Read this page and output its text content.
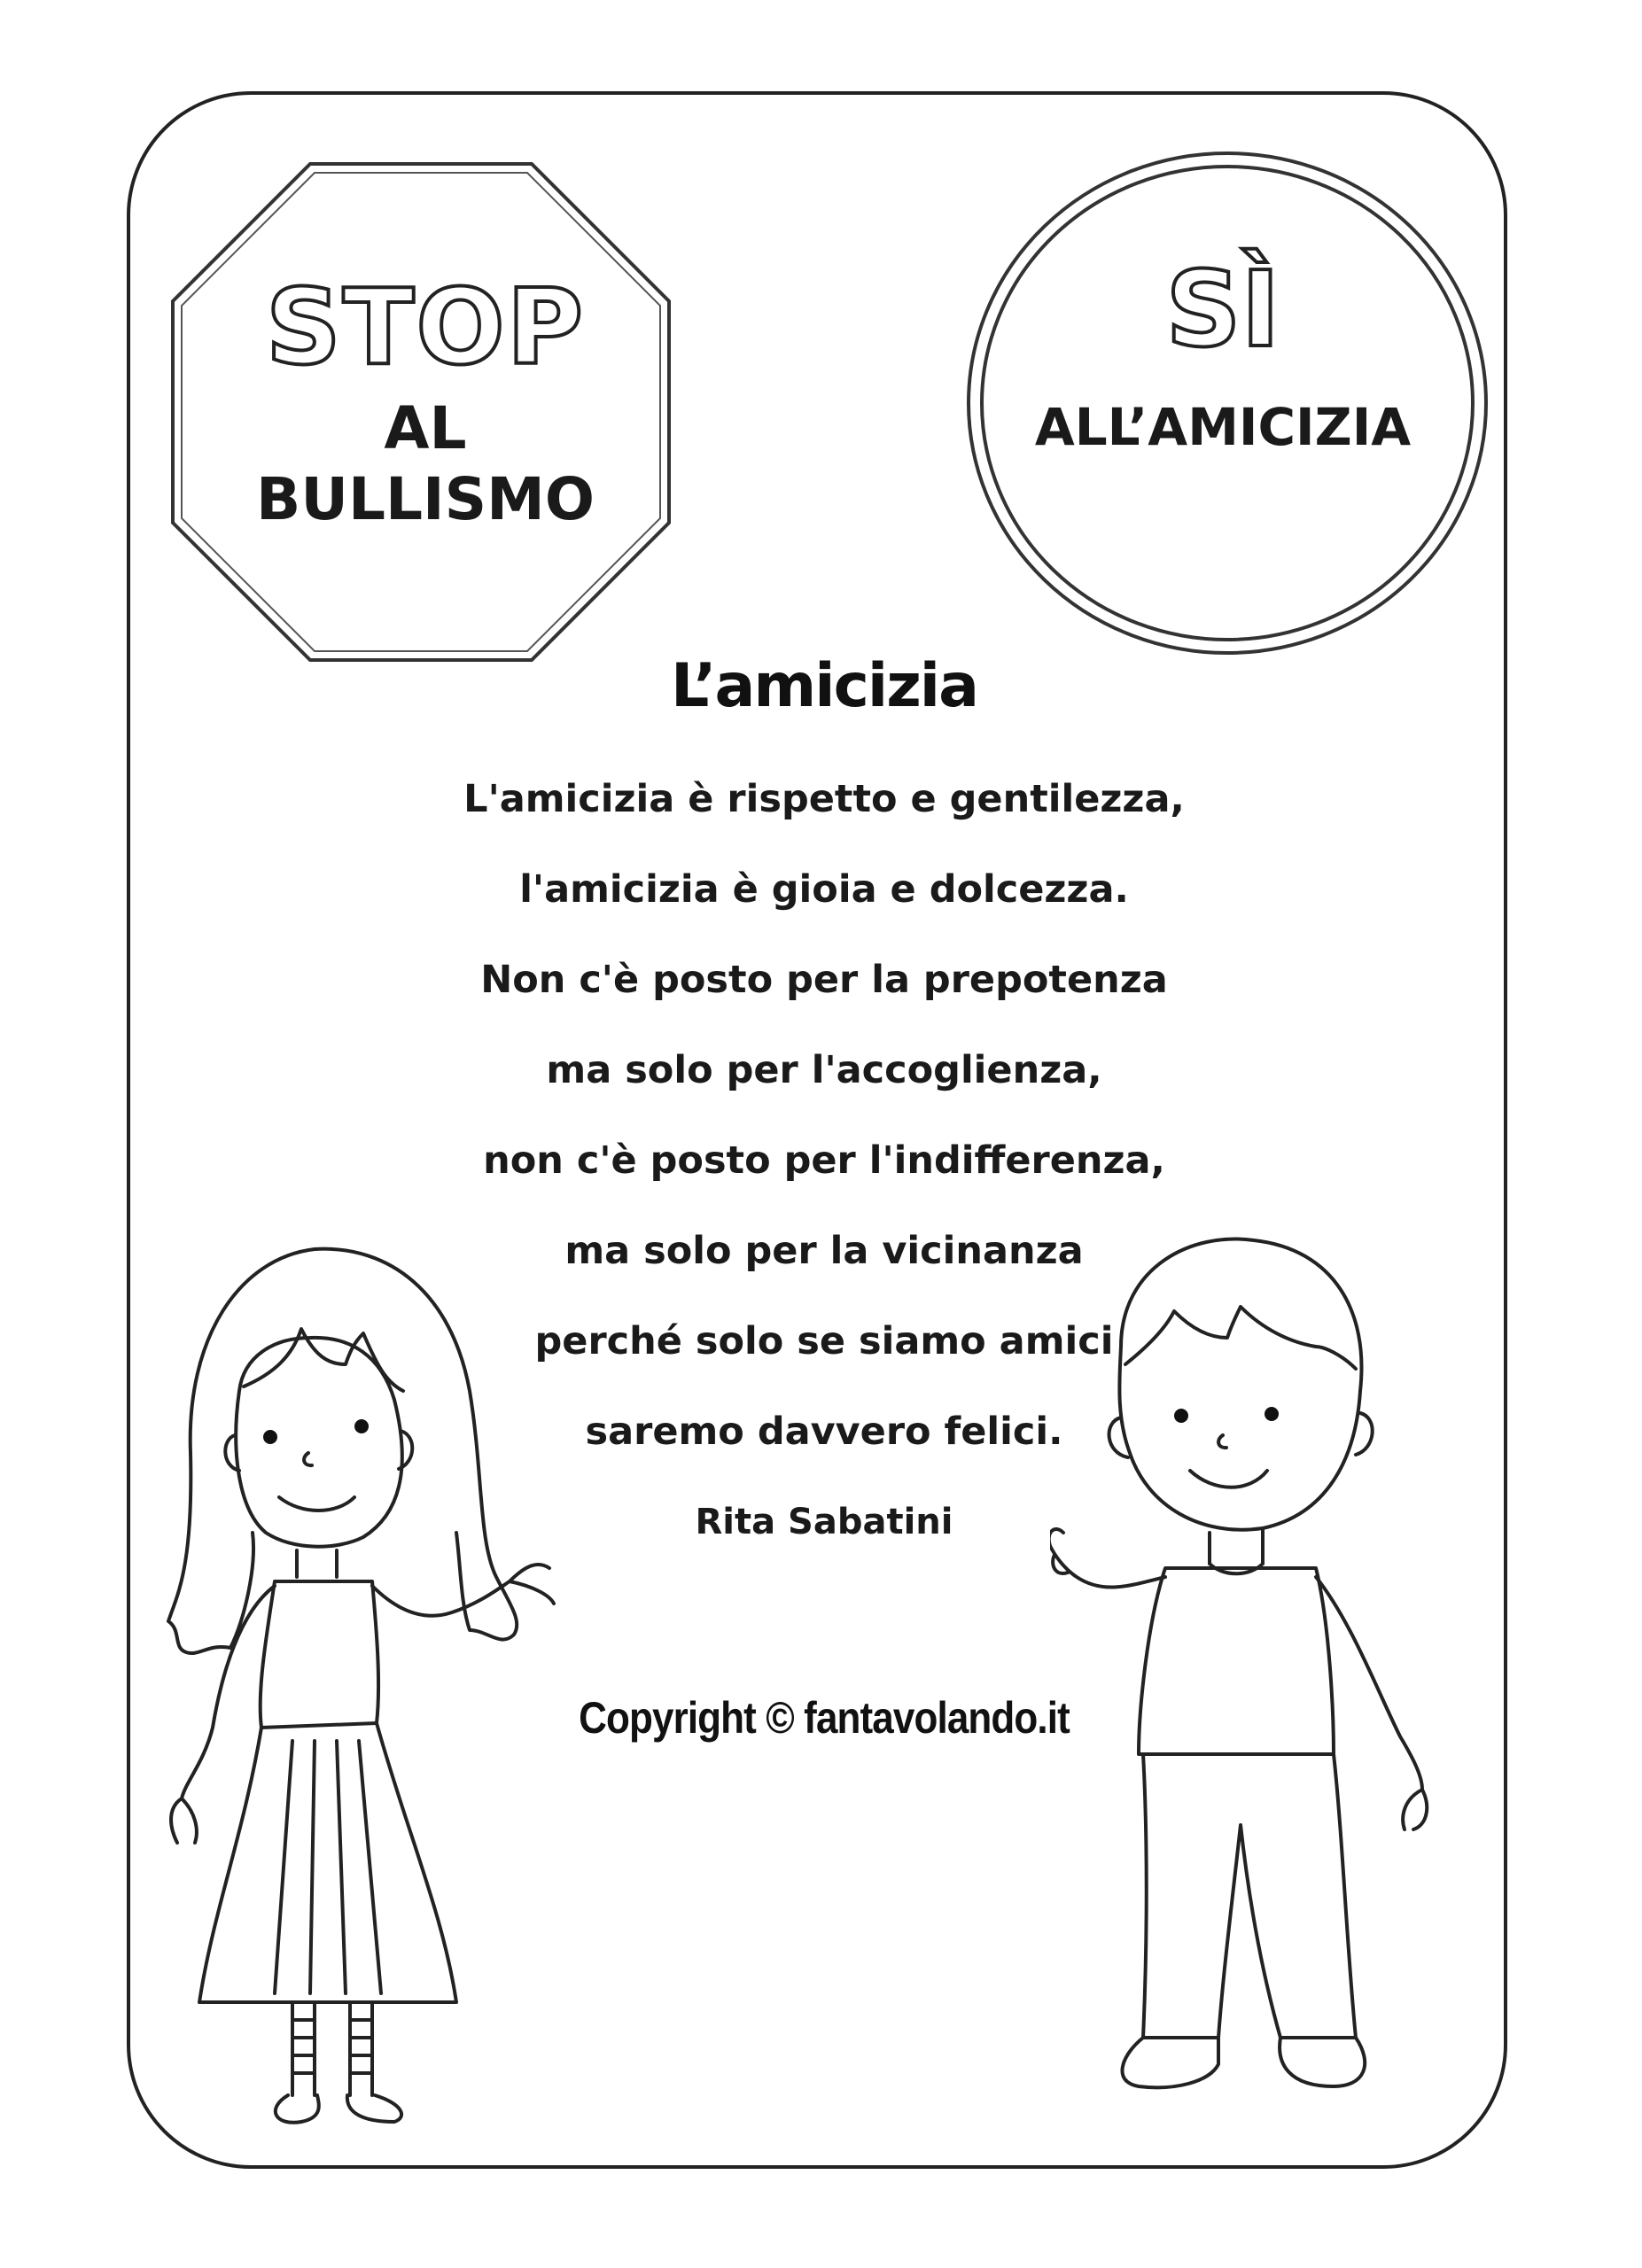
STOP
AL
BULLISMO
SÌ
ALL’AMICIZIA
L’amicizia
L'amicizia è rispetto e gentilezza,
l'amicizia è gioia e dolcezza.
Non c'è posto per la prepotenza
ma solo per l'accoglienza,
non c'è posto per l'indifferenza,
ma solo per la vicinanza
perché solo se siamo amici
saremo davvero felici.
Rita Sabatini
Copyright © fantavolando.it
